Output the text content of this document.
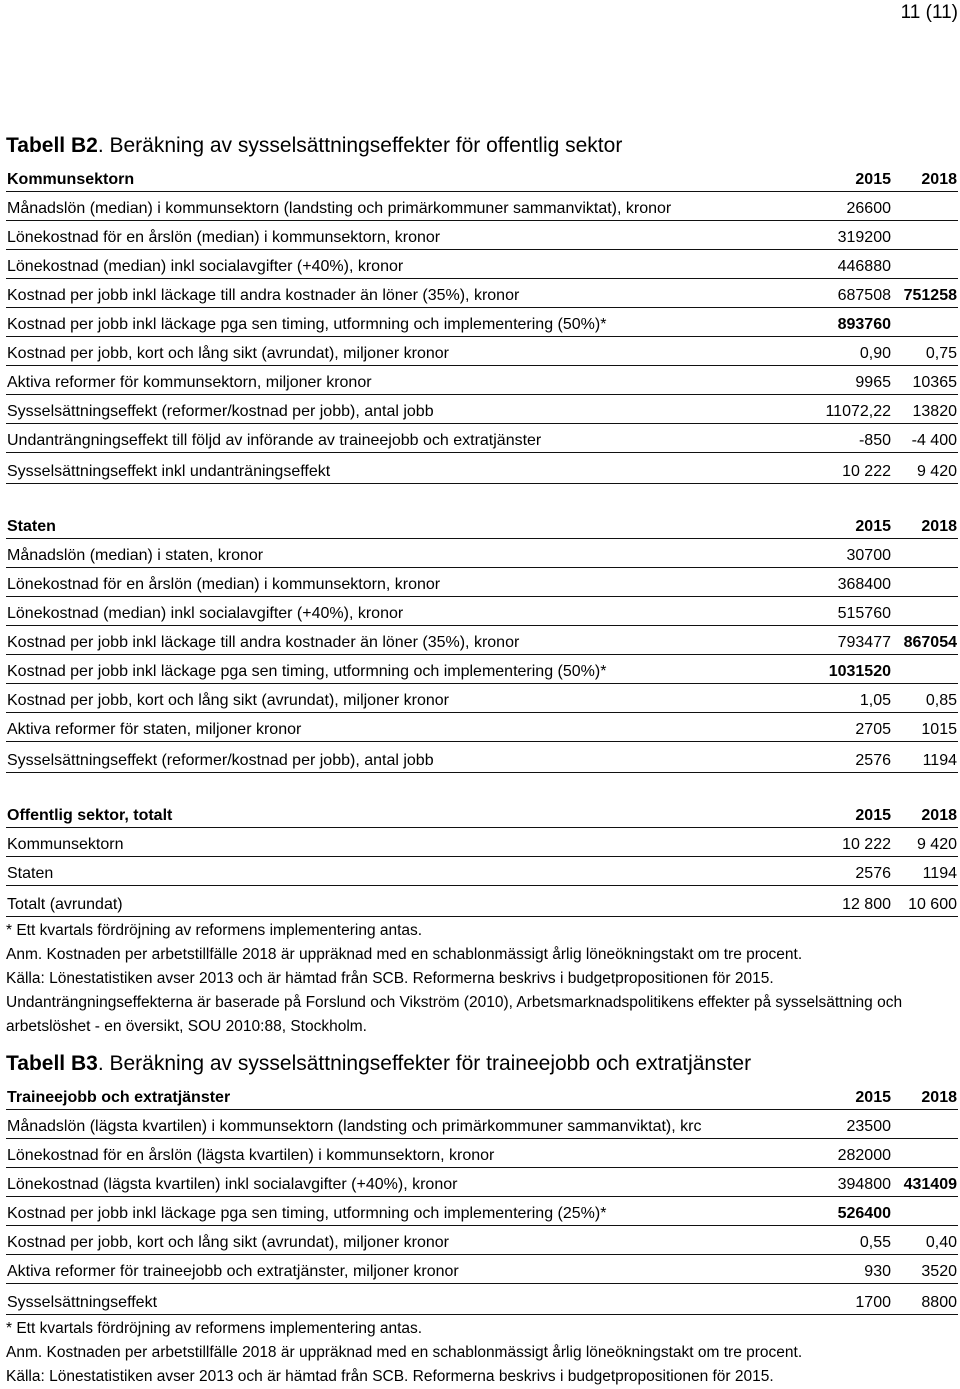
11 (11)
Tabell B2. Beräkning av sysselsättningseffekter för offentlig sektor
Kommunsektorn	2015	2018
Månadslön (median) i kommunsektorn (landsting och primärkommuner sammanviktat), kronor	26600	
Lönekostnad för en årslön (median) i kommunsektorn, kronor	319200	
Lönekostnad (median) inkl socialavgifter (+40%), kronor	446880	
Kostnad per jobb inkl läckage till andra kostnader än löner (35%), kronor	687508	751258
Kostnad per jobb inkl läckage pga sen timing, utformning och implementering (50%)*	893760	
Kostnad per jobb, kort och lång sikt (avrundat), miljoner kronor	0,90	0,75
Aktiva reformer för kommunsektorn, miljoner kronor	9965	10365
Sysselsättningseffekt (reformer/kostnad per jobb), antal jobb	11072,22	13820
Undanträngningseffekt till följd av införande av traineejobb och extratjänster	-850	-4 400
Sysselsättningseffekt inkl undanträningseffekt	10 222	9 420

Staten	2015	2018
Månadslön (median) i staten, kronor	30700	
Lönekostnad för en årslön (median) i kommunsektorn, kronor	368400	
Lönekostnad (median) inkl socialavgifter (+40%), kronor	515760	
Kostnad per jobb inkl läckage till andra kostnader än löner (35%), kronor	793477	867054
Kostnad per jobb inkl läckage pga sen timing, utformning och implementering (50%)*	1031520	
Kostnad per jobb, kort och lång sikt (avrundat), miljoner kronor	1,05	0,85
Aktiva reformer för staten, miljoner kronor	2705	1015
Sysselsättningseffekt (reformer/kostnad per jobb), antal jobb	2576	1194

Offentlig sektor, totalt	2015	2018
Kommunsektorn	10 222	9 420
Staten	2576	1194
Totalt (avrundat)	12 800	10 600

* Ett kvartals fördröjning av reformens implementering antas.

Anm. Kostnaden per arbetstillfälle 2018 är uppräknad med en schablonmässigt årlig löneökningstakt om tre procent.

Källa: Lönestatistiken avser 2013 och är hämtad från SCB. Reformerna beskrivs i budgetpropositionen för 2015.

Undanträngningseffekterna är baserade på Forslund och Vikström (2010), Arbetsmarknadspolitikens effekter på sysselsättning och arbetslöshet - en översikt, SOU 2010:88, Stockholm.

Tabell B3. Beräkning av sysselsättningseffekter för traineejobb och extratjänster
Traineejobb och extratjänster	2015	2018
Månadslön (lägsta kvartilen) i kommunsektorn (landsting och primärkommuner sammanviktat), krc	23500	
Lönekostnad för en årslön (lägsta kvartilen) i kommunsektorn, kronor	282000	
Lönekostnad (lägsta kvartilen) inkl socialavgifter (+40%), kronor	394800	431409
Kostnad per jobb inkl läckage pga sen timing, utformning och implementering (25%)*	526400	
Kostnad per jobb, kort och lång sikt (avrundat), miljoner kronor	0,55	0,40
Aktiva reformer för traineejobb och extratjänster, miljoner kronor	930	3520
Sysselsättningseffekt	1700	8800

* Ett kvartals fördröjning av reformens implementering antas.

Anm. Kostnaden per arbetstillfälle 2018 är uppräknad med en schablonmässigt årlig löneökningstakt om tre procent.

Källa: Lönestatistiken avser 2013 och är hämtad från SCB. Reformerna beskrivs i budgetpropositionen för 2015.
